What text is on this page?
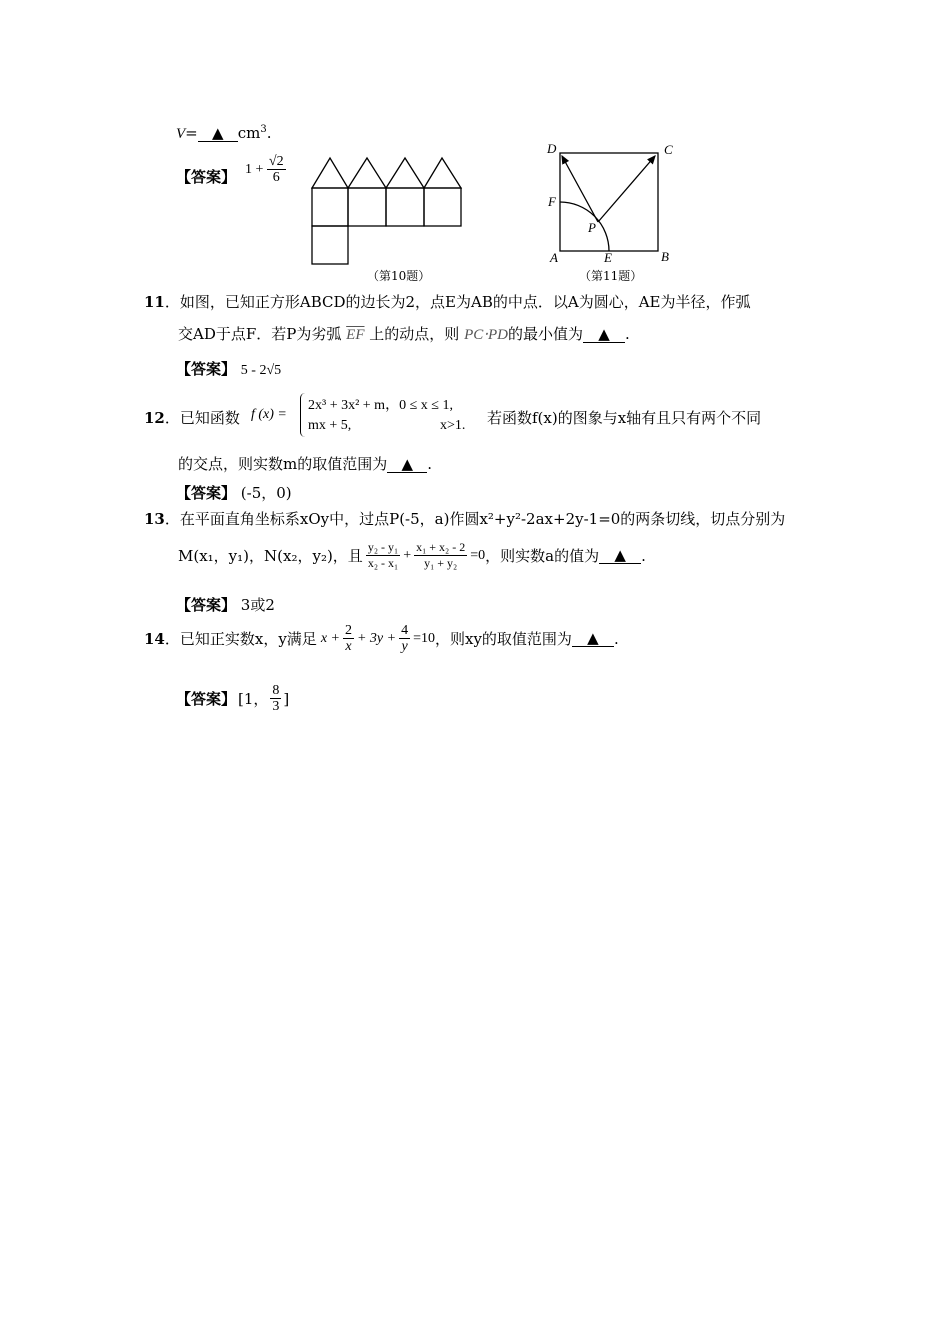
V= ▲ $cm^3$.
【答案】 1
+
$\frac{√2}{6}$
（第10题）
D	C
F
P
A	E	B
（第11题）
11．如图，已知正方形ABCD的边长为2，点E为AB的中点．以A为圆心，AE为半径，作弧
交AD于点F．若P为劣弧 $\overline{EF}$ 上的动点，则 PC⋅PD的最小值为 ▲ .
【答案】 5 - 2√5
12．已知函数 f (x) =
2x³ + 3x² + m，0 ≤ x ≤ 1,
mx + 5,	x>1. 若函数f(x)的图象与x轴有且只有两个不同
的交点，则实数m的取值范围为 ▲ .
【答案】 (-5，0)
13．在平面直角坐标系xOy中，过点P(-5，a)作圆x²+y²-2ax+2y-1=0的两条切线，切点分别为
M(x₁，y₁)，N(x₂，y₂)，且 $\frac{\text{y₂ - y₁}}{\text{x₂ - x₁}} + \frac{\text{x₁ + x₂ - 2}}{\text{y₁ + y₂}} =0$ ，则实数a的值为	▲	.
【答案】 3或2
14 ．已知正实数x，y满足 $x + \frac{2}{x} + 3y + \frac{4}{y} =10$ ，则xy的取值范围为	▲	.
【答案】 [1， $\frac{8}{3}$ ]
